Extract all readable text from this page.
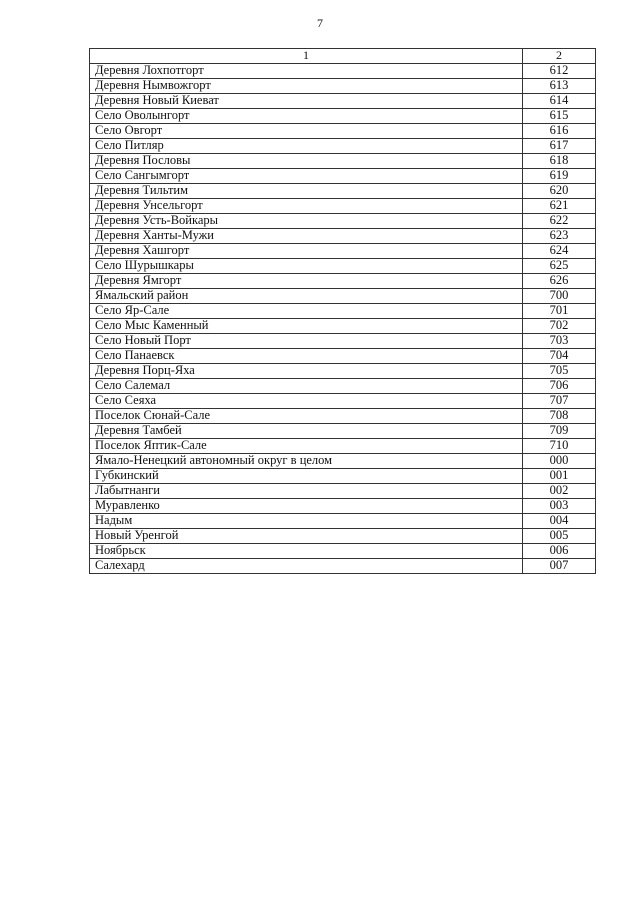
7
1	2
Деревня Лохпотгорт	612
Деревня Нымвожгорт	613
Деревня Новый Киеват	614
Село Оволынгорт	615
Село Овгорт	616
Село Питляр	617
Деревня Пословы	618
Село Сангымгорт	619
Деревня Тильтим	620
Деревня Унсельгорт	621
Деревня Усть-Войкары	622
Деревня Ханты-Мужи	623
Деревня Хашгорт	624
Село Шурышкары	625
Деревня Ямгорт	626
Ямальский район	700
Село Яр-Сале	701
Село Мыс Каменный	702
Село Новый Порт	703
Село Панаевск	704
Деревня Порц-Яха	705
Село Салемал	706
Село Сеяха	707
Поселок Сюнай-Сале	708
Деревня Тамбей	709
Поселок Яптик-Сале	710
Ямало-Ненецкий автономный округ в целом	000
Губкинский	001
Лабытнанги	002
Муравленко	003
Надым	004
Новый Уренгой	005
Ноябрьск	006
Салехард	007
